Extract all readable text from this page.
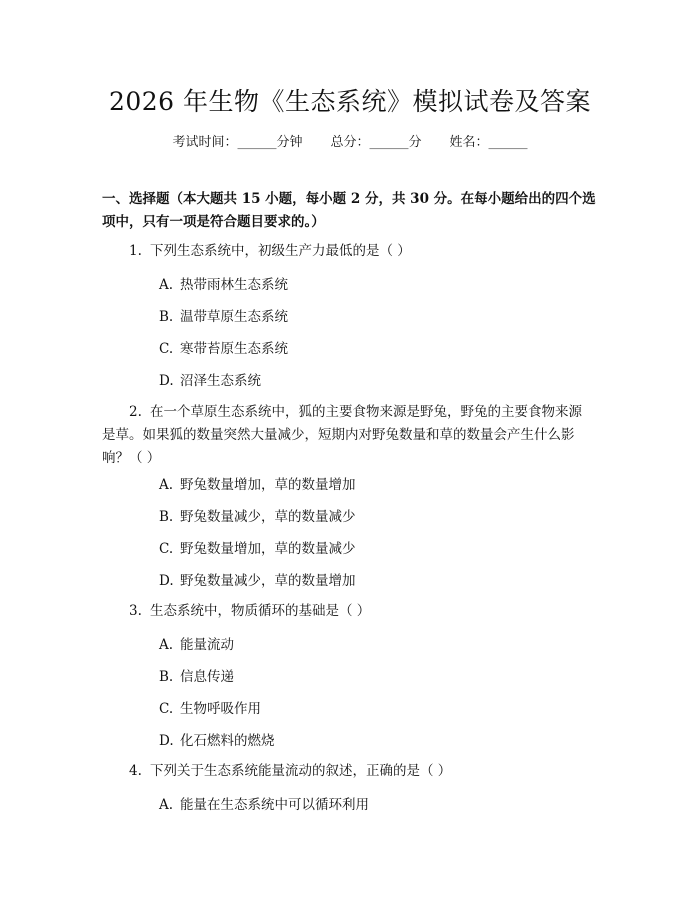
2026 年生物《生态系统》模拟试卷及答案
考试时间：______分钟 总分：______分 姓名：______
一、选择题（本大题共 15 小题，每小题 2 分，共 30 分。在每小题给出的四个选项中，只有一项是符合题目要求的。）
1. 下列生态系统中，初级生产力最低的是（ ）
A. 热带雨林生态系统
B. 温带草原生态系统
C. 寒带苔原生态系统
D. 沼泽生态系统
2. 在一个草原生态系统中，狐的主要食物来源是野兔，野兔的主要食物来源是草。如果狐的数量突然大量减少，短期内对野兔数量和草的数量会产生什么影响？（ ）
A. 野兔数量增加，草的数量增加
B. 野兔数量减少，草的数量减少
C. 野兔数量增加，草的数量减少
D. 野兔数量减少，草的数量增加
3. 生态系统中，物质循环的基础是（ ）
A. 能量流动
B. 信息传递
C. 生物呼吸作用
D. 化石燃料的燃烧
4. 下列关于生态系统能量流动的叙述，正确的是（ ）
A. 能量在生态系统中可以循环利用
